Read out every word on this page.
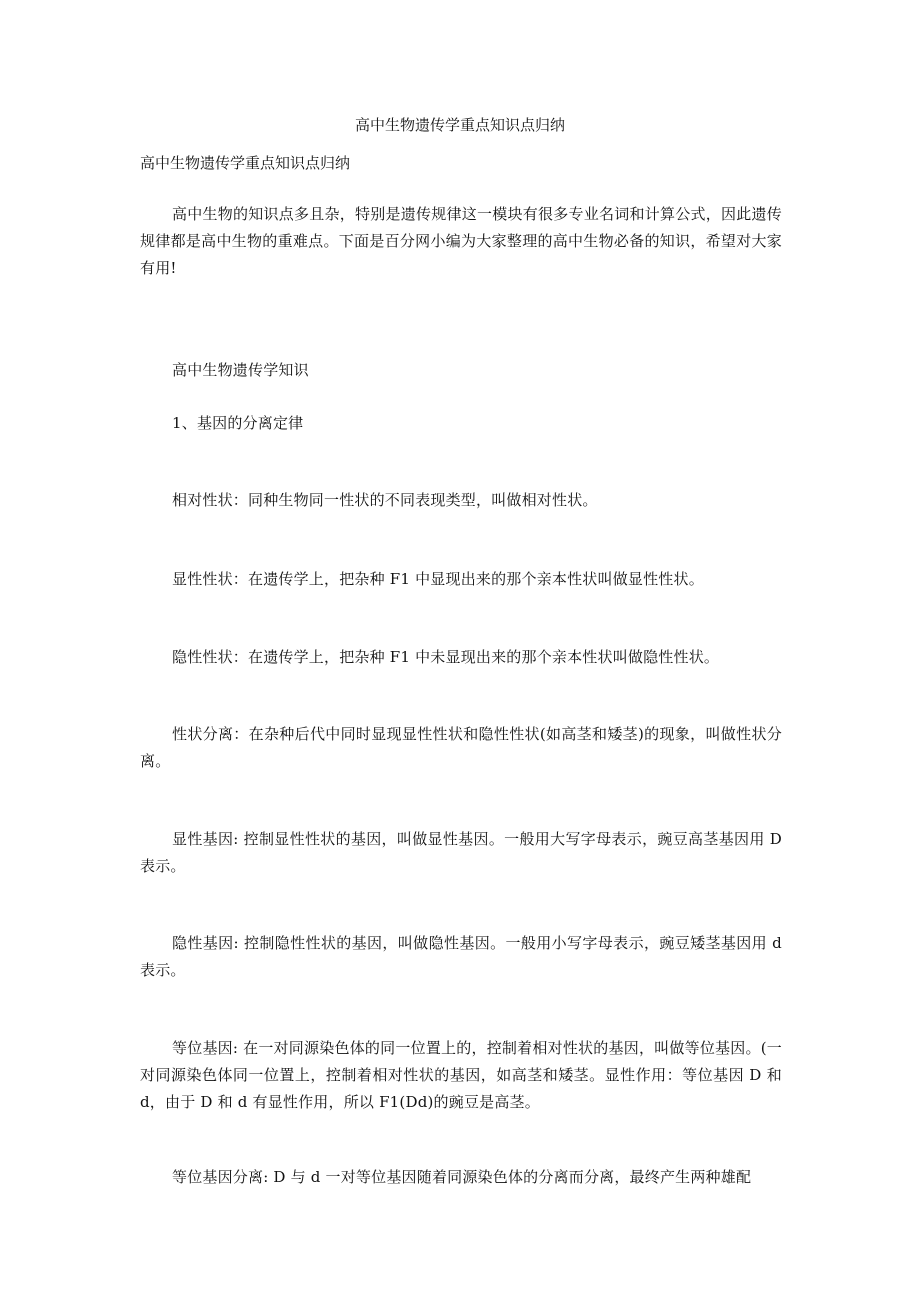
高中生物遗传学重点知识点归纳
高中生物遗传学重点知识点归纳
高中生物的知识点多且杂，特别是遗传规律这一模块有很多专业名词和计算公式，因此遗传规律都是高中生物的重难点。下面是百分网小编为大家整理的高中生物必备的知识，希望对大家有用!
高中生物遗传学知识
1、基因的分离定律
相对性状：同种生物同一性状的不同表现类型，叫做相对性状。
显性性状：在遗传学上，把杂种 F1 中显现出来的那个亲本性状叫做显性性状。
隐性性状：在遗传学上，把杂种 F1 中未显现出来的那个亲本性状叫做隐性性状。
性状分离：在杂种后代中同时显现显性性状和隐性性状(如高茎和矮茎)的现象，叫做性状分离。
显性基因: 控制显性性状的基因，叫做显性基因。一般用大写字母表示，豌豆高茎基因用 D 表示。
隐性基因: 控制隐性性状的基因，叫做隐性基因。一般用小写字母表示，豌豆矮茎基因用 d 表示。
等位基因: 在一对同源染色体的同一位置上的，控制着相对性状的基因，叫做等位基因。(一对同源染色体同一位置上，控制着相对性状的基因，如高茎和矮茎。显性作用：等位基因 D 和 d，由于 D 和 d 有显性作用，所以 F1(Dd)的豌豆是高茎。
等位基因分离: D 与 d 一对等位基因随着同源染色体的分离而分离，最终产生两种雄配
